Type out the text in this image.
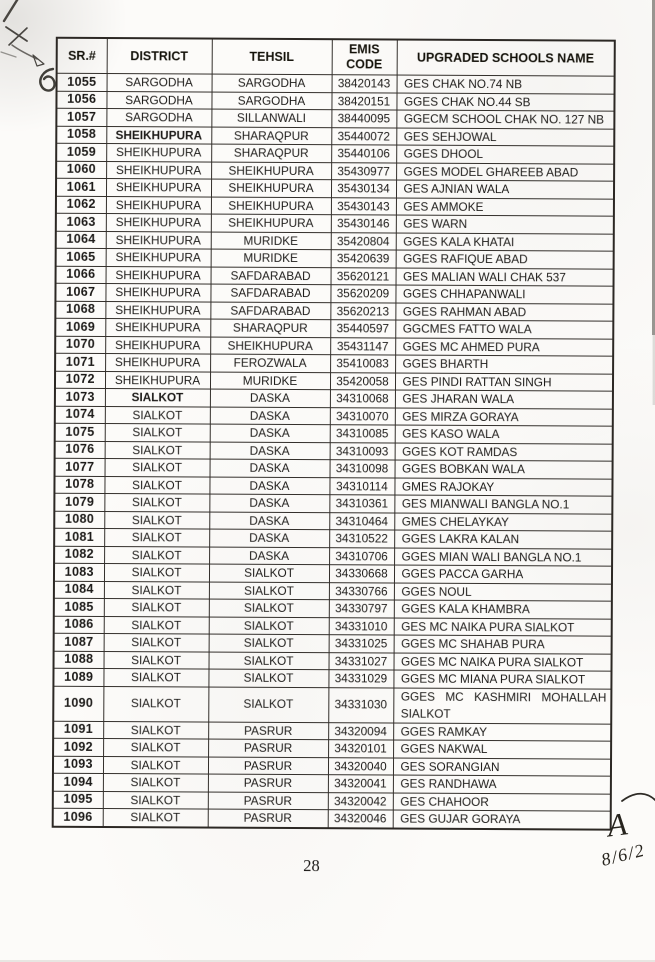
SR.#	DISTRICT	TEHSIL	EMIS CODE	UPGRADED SCHOOLS NAME
1055	SARGODHA	SARGODHA	38420143	GES CHAK NO.74 NB
1056	SARGODHA	SARGODHA	38420151	GGES CHAK NO.44 SB
1057	SARGODHA	SILLANWALI	38440095	GGECM SCHOOL CHAK NO. 127 NB
1058	SHEIKHUPURA	SHARAQPUR	35440072	GES SEHJOWAL
1059	SHEIKHUPURA	SHARAQPUR	35440106	GGES DHOOL
1060	SHEIKHUPURA	SHEIKHUPURA	35430977	GGES MODEL GHAREEB ABAD
1061	SHEIKHUPURA	SHEIKHUPURA	35430134	GES AJNIAN WALA
1062	SHEIKHUPURA	SHEIKHUPURA	35430143	GES AMMOKE
1063	SHEIKHUPURA	SHEIKHUPURA	35430146	GES WARN
1064	SHEIKHUPURA	MURIDKE	35420804	GGES KALA KHATAI
1065	SHEIKHUPURA	MURIDKE	35420639	GGES RAFIQUE ABAD
1066	SHEIKHUPURA	SAFDARABAD	35620121	GES MALIAN WALI CHAK 537
1067	SHEIKHUPURA	SAFDARABAD	35620209	GGES CHHAPANWALI
1068	SHEIKHUPURA	SAFDARABAD	35620213	GGES RAHMAN ABAD
1069	SHEIKHUPURA	SHARAQPUR	35440597	GGCMES FATTO WALA
1070	SHEIKHUPURA	SHEIKHUPURA	35431147	GGES MC AHMED PURA
1071	SHEIKHUPURA	FEROZWALA	35410083	GGES BHARTH
1072	SHEIKHUPURA	MURIDKE	35420058	GES PINDI RATTAN SINGH
1073	SIALKOT	DASKA	34310068	GES JHARAN WALA
1074	SIALKOT	DASKA	34310070	GES MIRZA GORAYA
1075	SIALKOT	DASKA	34310085	GES KASO WALA
1076	SIALKOT	DASKA	34310093	GGES KOT RAMDAS
1077	SIALKOT	DASKA	34310098	GGES BOBKAN WALA
1078	SIALKOT	DASKA	34310114	GMES RAJOKAY
1079	SIALKOT	DASKA	34310361	GES MIANWALI BANGLA NO.1
1080	SIALKOT	DASKA	34310464	GMES CHELAYKAY
1081	SIALKOT	DASKA	34310522	GGES LAKRA KALAN
1082	SIALKOT	DASKA	34310706	GGES MIAN WALI BANGLA NO.1
1083	SIALKOT	SIALKOT	34330668	GGES PACCA GARHA
1084	SIALKOT	SIALKOT	34330766	GGES NOUL
1085	SIALKOT	SIALKOT	34330797	GGES KALA KHAMBRA
1086	SIALKOT	SIALKOT	34331010	GES MC NAIKA PURA SIALKOT
1087	SIALKOT	SIALKOT	34331025	GGES MC SHAHAB PURA
1088	SIALKOT	SIALKOT	34331027	GGES MC NAIKA PURA SIALKOT
1089	SIALKOT	SIALKOT	34331029	GGES MC MIANA PURA SIALKOT
1090	SIALKOT	SIALKOT	34331030	GGES MC KASHMIRI MOHALLAH SIALKOT
1091	SIALKOT	PASRUR	34320094	GGES RAMKAY
1092	SIALKOT	PASRUR	34320101	GGES NAKWAL
1093	SIALKOT	PASRUR	34320040	GES SORANGIAN
1094	SIALKOT	PASRUR	34320041	GES RANDHAWA
1095	SIALKOT	PASRUR	34320042	GES CHAHOOR
1096	SIALKOT	PASRUR	34320046	GES GUJAR GORAYA
28
A
8/6/2
